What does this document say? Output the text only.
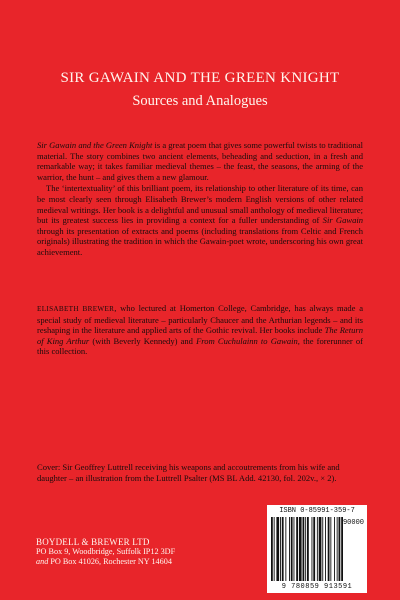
SIR GAWAIN AND THE GREEN KNIGHT
Sources and Analogues

Sir Gawain and the Green Knight is a great poem that gives some powerful twists to traditional material. The story combines two ancient elements, beheading and seduction, in a fresh and remarkable way; it takes familiar medieval themes – the feast, the seasons, the arming of the warrior, the hunt – and gives them a new glamour.

The ‘intertextuality’ of this brilliant poem, its relationship to other literature of its time, can be most clearly seen through Elisabeth Brewer’s modern English versions of other related medieval writings. Her book is a delightful and unusual small anthology of medieval literature; but its greatest success lies in providing a context for a fuller understanding of Sir Gawain through its presentation of extracts and poems (including translations from Celtic and French originals) illustrating the tradition in which the Gawain-poet wrote, underscoring his own great achievement.

ELISABETH BREWER, who lectured at Homerton College, Cambridge, has always made a special study of medieval literature – particularly Chaucer and the Arthurian legends – and its reshaping in the literature and applied arts of the Gothic revival. Her books include The Return of King Arthur (with Beverly Kennedy) and From Cuchulainn to Gawain, the forerunner of this collection.
Cover: Sir Geoffrey Luttrell receiving his weapons and accoutrements from his wife and daughter – an illustration from the Luttrell Psalter (MS BL Add. 42130, fol. 202v., × 2).
BOYDELL & BREWER LTD
PO Box 9, Woodbridge, Suffolk IP12 3DF
and PO Box 41026, Rochester NY 14604
ISBN 0-85991-359-7
90000
9 780859 913591
